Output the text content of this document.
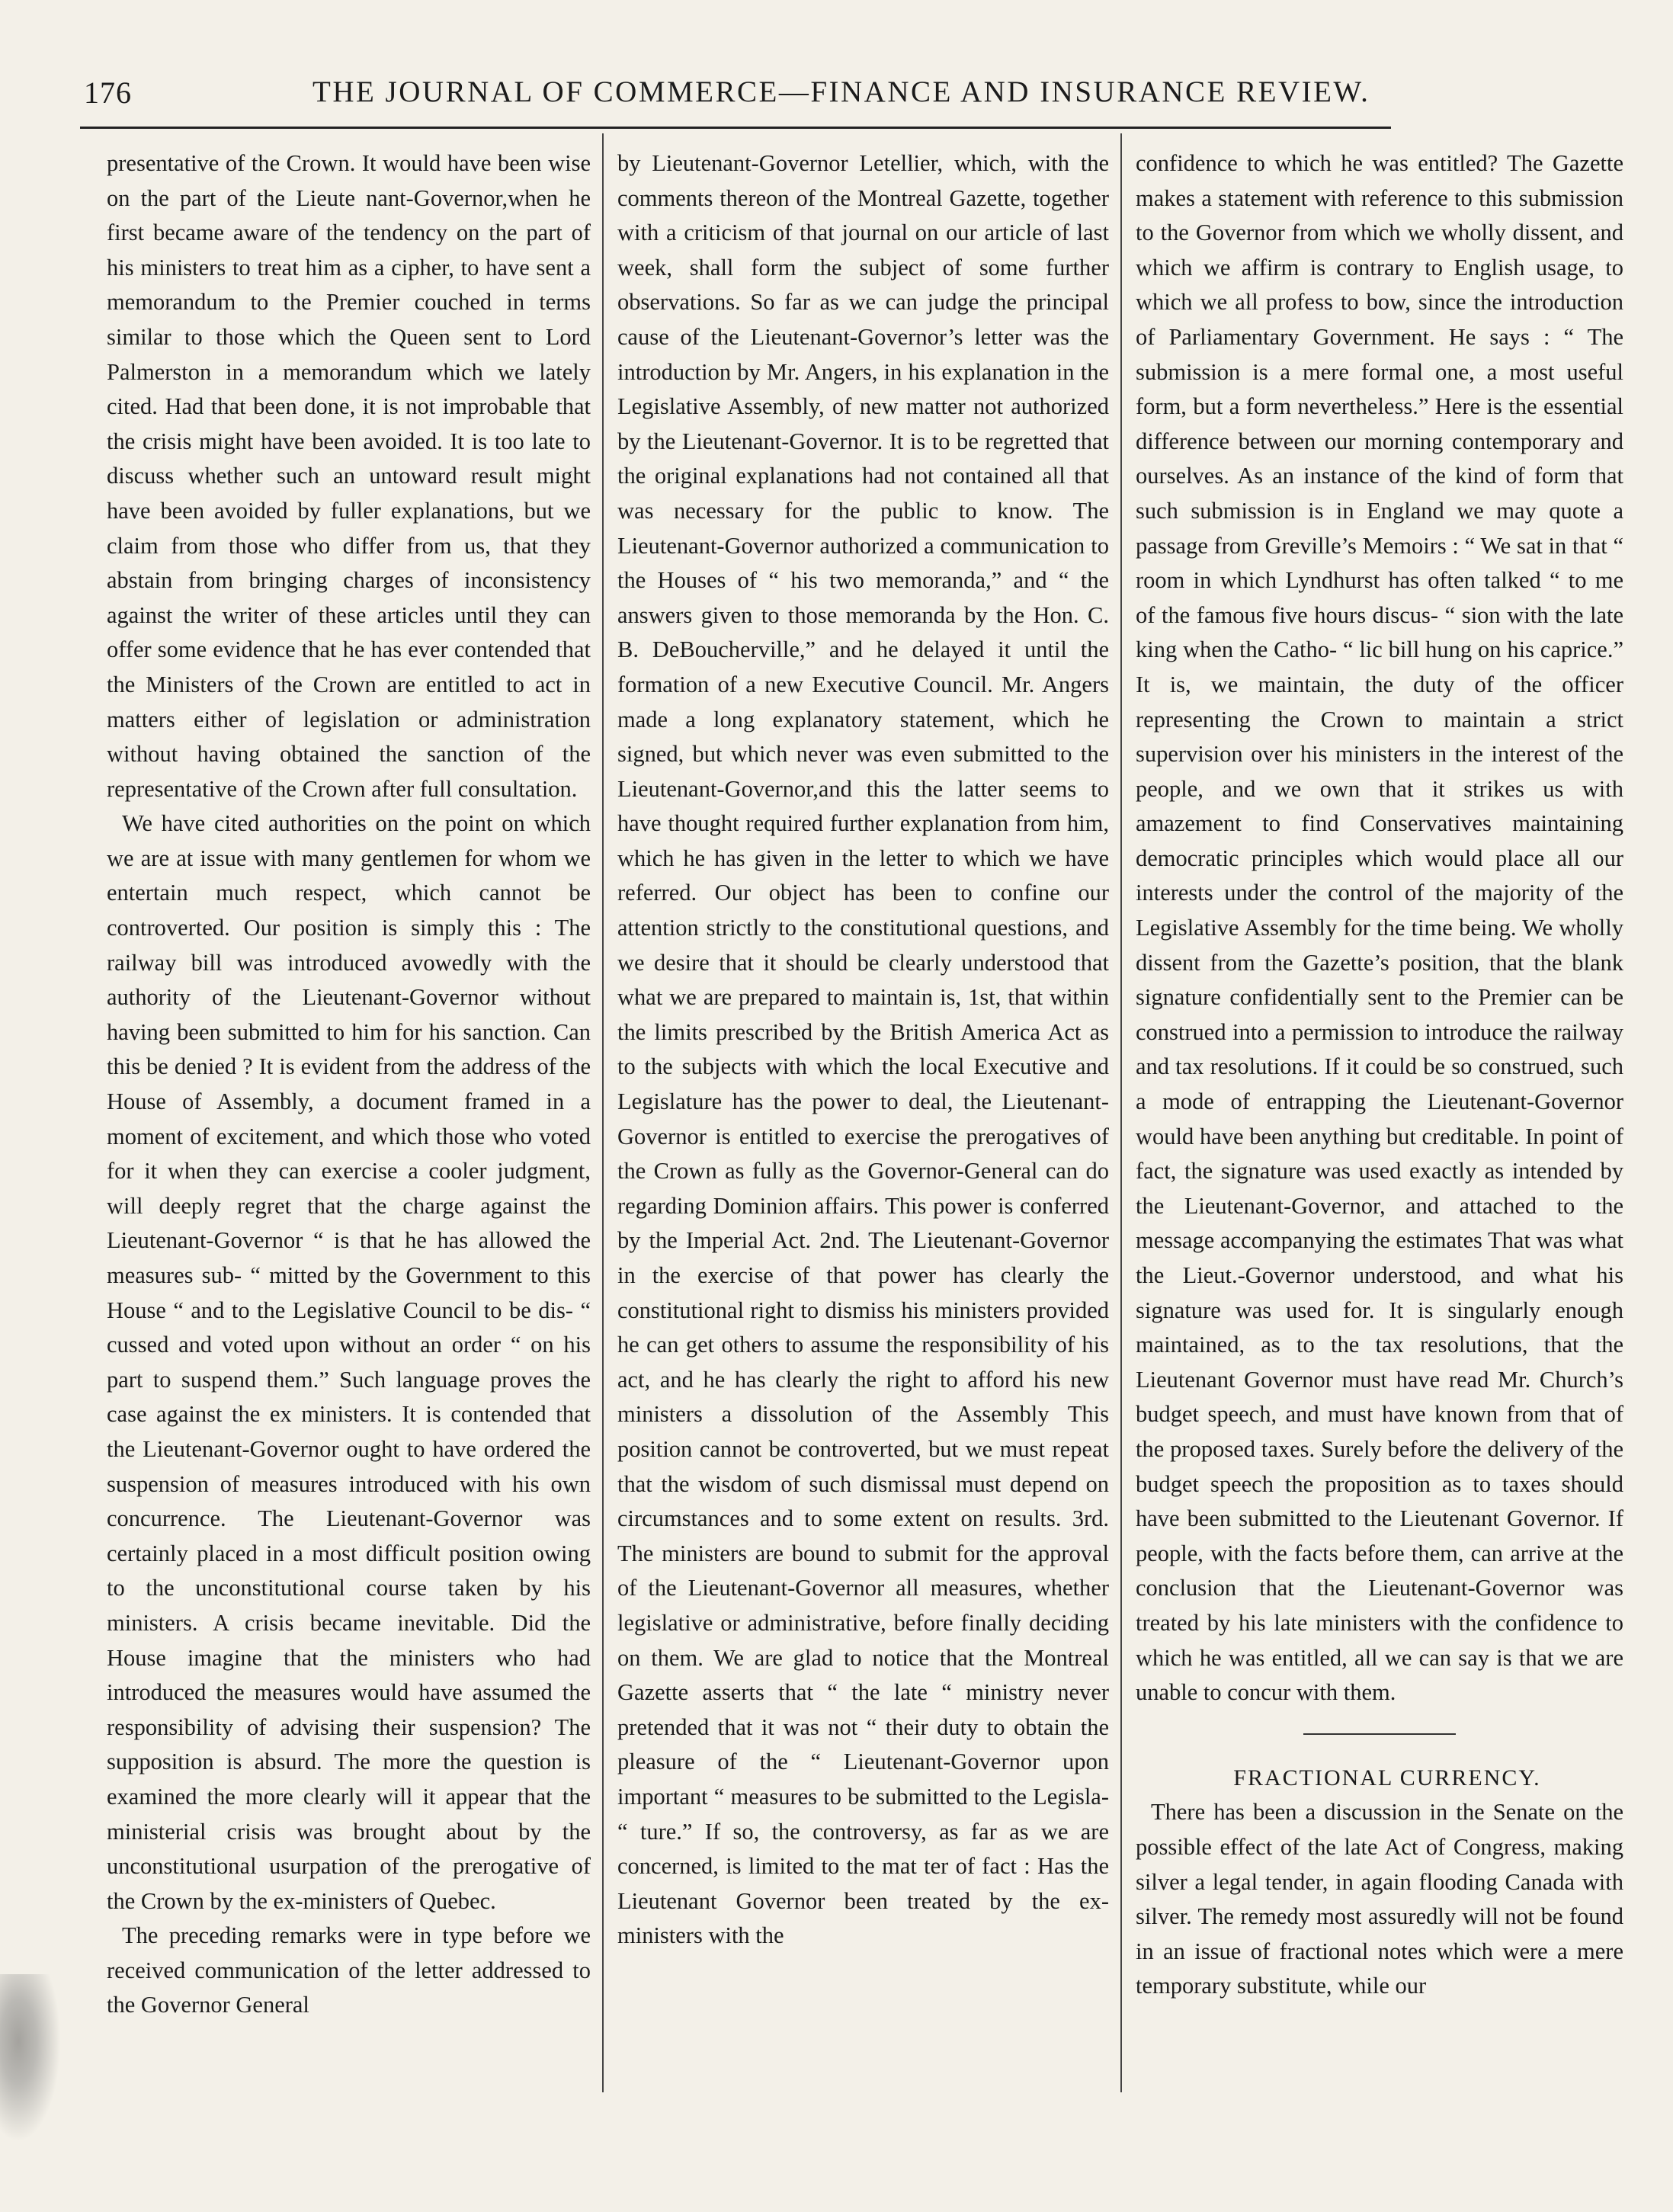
176	THE JOURNAL OF COMMERCE—FINANCE AND INSURANCE REVIEW.

presentative of the Crown. It would have been wise on the part of the Lieute nant-Governor,when he first became aware of the tendency on the part of his ministers to treat him as a cipher, to have sent a memorandum to the Premier couched in terms similar to those which the Queen sent to Lord Palmerston in a memorandum which we lately cited. Had that been done, it is not improbable that the crisis might have been avoided. It is too late to discuss whether such an untoward result might have been avoided by fuller explanations, but we claim from those who differ from us, that they abstain from bringing charges of inconsistency against the writer of these articles until they can offer some evidence that he has ever contended that the Ministers of the Crown are entitled to act in matters either of legislation or administration without having obtained the sanction of the representative of the Crown after full consultation.

We have cited authorities on the point on which we are at issue with many gentlemen for whom we entertain much respect, which cannot be controverted. Our position is simply this : The railway bill was introduced avowedly with the authority of the Lieutenant-Governor without having been submitted to him for his sanction. Can this be denied ? It is evident from the address of the House of Assembly, a document framed in a moment of excitement, and which those who voted for it when they can exercise a cooler judgment, will deeply regret that the charge against the Lieutenant-Governor “ is that he has allowed the measures sub- “ mitted by the Government to this House “ and to the Legislative Council to be dis- “ cussed and voted upon without an order “ on his part to suspend them.” Such language proves the case against the ex ministers. It is contended that the Lieutenant-Governor ought to have ordered the suspension of measures introduced with his own concurrence. The Lieutenant-Governor was certainly placed in a most difficult position owing to the unconstitutional course taken by his ministers. A crisis became inevitable. Did the House imagine that the ministers who had introduced the measures would have assumed the responsibility of advising their suspension? The supposition is absurd. The more the question is examined the more clearly will it appear that the ministerial crisis was brought about by the unconstitutional usurpation of the prerogative of the Crown by the ex-ministers of Quebec.

The preceding remarks were in type before we received communication of the letter addressed to the Governor General

by Lieutenant-Governor Letellier, which, with the comments thereon of the Montreal Gazette, together with a criticism of that journal on our article of last week, shall form the subject of some further observations. So far as we can judge the principal cause of the Lieutenant-Governor’s letter was the introduction by Mr. Angers, in his explanation in the Legislative Assembly, of new matter not authorized by the Lieutenant-Governor. It is to be regretted that the original explanations had not contained all that was necessary for the public to know. The Lieutenant-Governor authorized a communication to the Houses of “ his two memoranda,” and “ the answers given to those memoranda by the Hon. C. B. DeBoucherville,” and he delayed it until the formation of a new Executive Council. Mr. Angers made a long explanatory statement, which he signed, but which never was even submitted to the Lieutenant-Governor,and this the latter seems to have thought required further explanation from him, which he has given in the letter to which we have referred. Our object has been to confine our attention strictly to the constitutional questions, and we desire that it should be clearly understood that what we are prepared to maintain is, 1st, that within the limits prescribed by the British America Act as to the subjects with which the local Executive and Legislature has the power to deal, the Lieutenant-Governor is entitled to exercise the prerogatives of the Crown as fully as the Governor-General can do regarding Dominion affairs. This power is conferred by the Imperial Act. 2nd. The Lieutenant-Governor in the exercise of that power has clearly the constitutional right to dismiss his ministers provided he can get others to assume the responsibility of his act, and he has clearly the right to afford his new ministers a dissolution of the Assembly This position cannot be controverted, but we must repeat that the wisdom of such dismissal must depend on circumstances and to some extent on results. 3rd. The ministers are bound to submit for the approval of the Lieutenant-Governor all measures, whether legislative or administrative, before finally deciding on them. We are glad to notice that the Montreal Gazette asserts that “ the late “ ministry never pretended that it was not “ their duty to obtain the pleasure of the “ Lieutenant-Governor upon important “ measures to be submitted to the Legisla- “ ture.” If so, the controversy, as far as we are concerned, is limited to the mat ter of fact : Has the Lieutenant Governor been treated by the ex-ministers with the

confidence to which he was entitled? The Gazette makes a statement with reference to this submission to the Governor from which we wholly dissent, and which we affirm is contrary to English usage, to which we all profess to bow, since the introduction of Parliamentary Government. He says : “ The submission is a mere formal one, a most useful form, but a form nevertheless.” Here is the essential difference between our morning contemporary and ourselves. As an instance of the kind of form that such submission is in England we may quote a passage from Greville’s Memoirs : “ We sat in that “ room in which Lyndhurst has often talked “ to me of the famous five hours discus- “ sion with the late king when the Catho- “ lic bill hung on his caprice.” It is, we maintain, the duty of the officer representing the Crown to maintain a strict supervision over his ministers in the interest of the people, and we own that it strikes us with amazement to find Conservatives maintaining democratic principles which would place all our interests under the control of the majority of the Legislative Assembly for the time being. We wholly dissent from the Gazette’s position, that the blank signature confidentially sent to the Premier can be construed into a permission to introduce the railway and tax resolutions. If it could be so construed, such a mode of entrapping the Lieutenant-Governor would have been anything but creditable. In point of fact, the signature was used exactly as intended by the Lieutenant-Governor, and attached to the message accompanying the estimates That was what the Lieut.-Governor understood, and what his signature was used for. It is singularly enough maintained, as to the tax resolutions, that the Lieutenant Governor must have read Mr. Church’s budget speech, and must have known from that of the proposed taxes. Surely before the delivery of the budget speech the proposition as to taxes should have been submitted to the Lieutenant Governor. If people, with the facts before them, can arrive at the conclusion that the Lieutenant-Governor was treated by his late ministers with the confidence to which he was entitled, all we can say is that we are unable to concur with them.

FRACTIONAL CURRENCY.

There has been a discussion in the Senate on the possible effect of the late Act of Congress, making silver a legal tender, in again flooding Canada with silver. The remedy most assuredly will not be found in an issue of fractional notes which were a mere temporary substitute, while our
